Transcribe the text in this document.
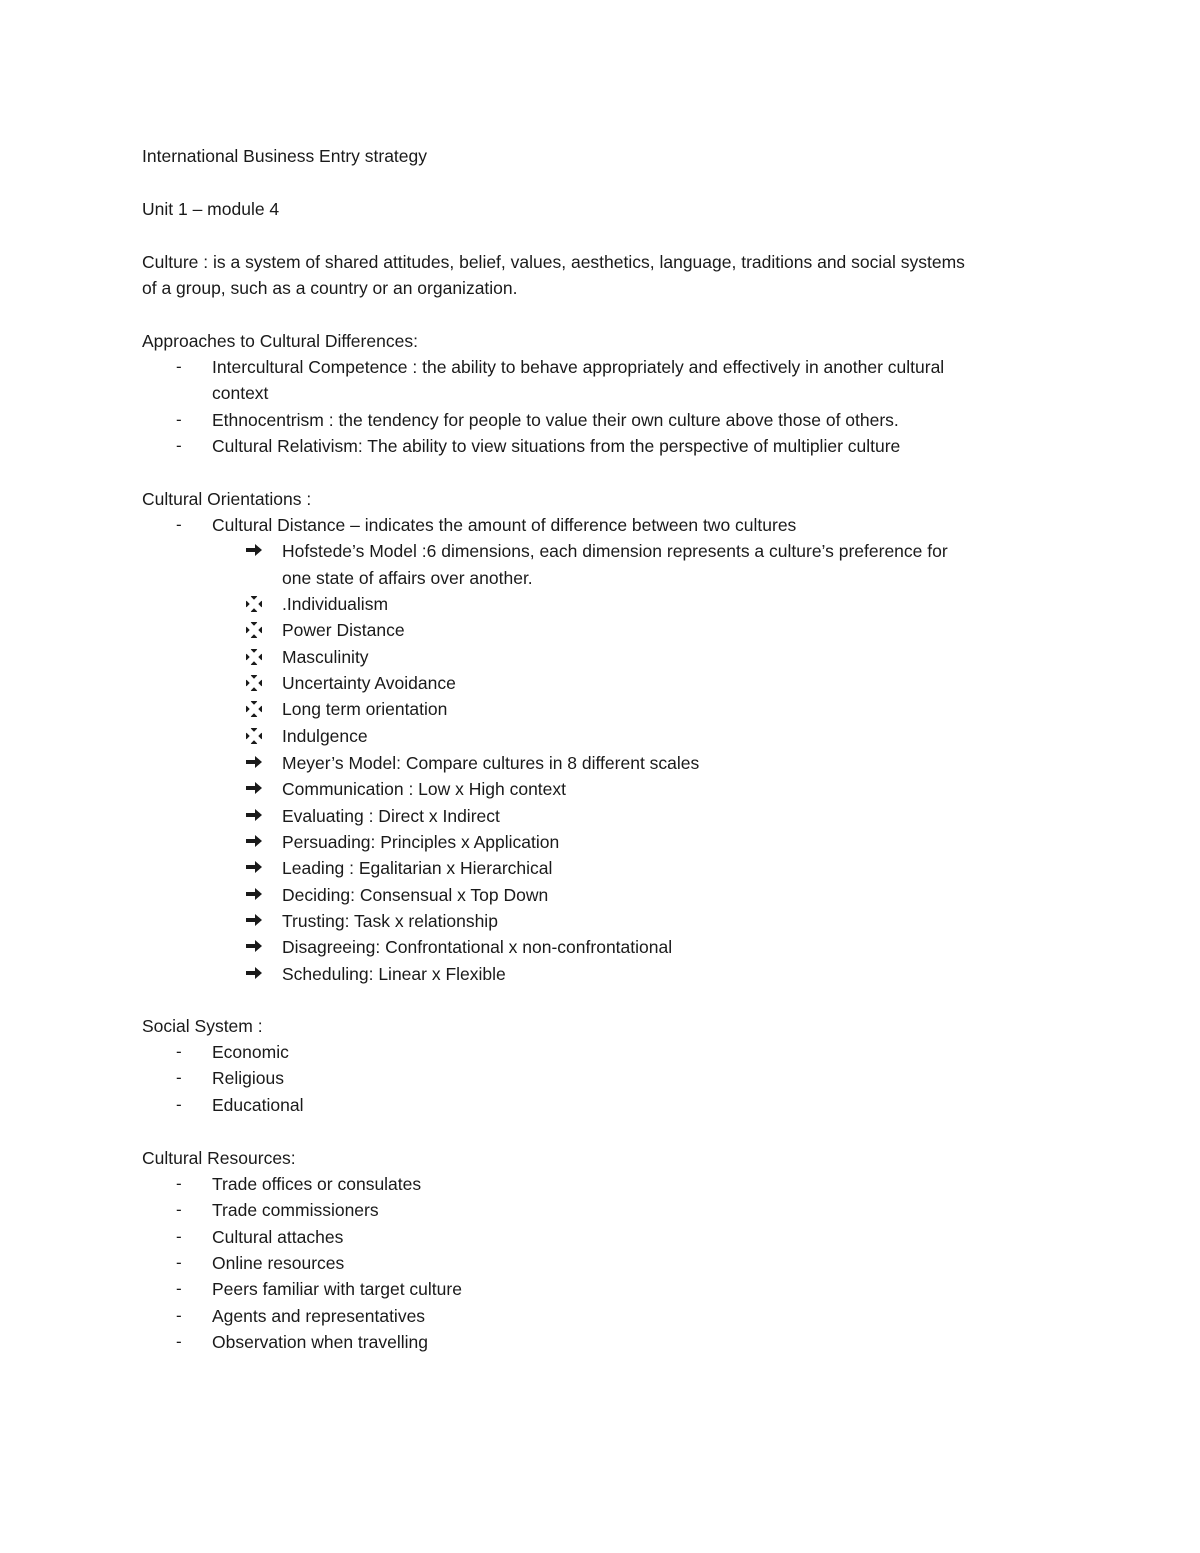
International Business Entry strategy
Unit 1 – module 4
Culture : is a system of shared attitudes, belief, values, aesthetics, language, traditions and social systems
of a group, such as a country or an organization.
Approaches to Cultural Differences:
- Intercultural Competence : the ability to behave appropriately and effectively in another cultural
context
- Ethnocentrism : the tendency for people to value their own culture above those of others.
- Cultural Relativism: The ability to view situations from the perspective of multiplier culture
Cultural Orientations :
- Cultural Distance – indicates the amount of difference between two cultures
Hofstede’s Model :6 dimensions, each dimension represents a culture’s preference for
one state of affairs over another.
.Individualism
Power Distance
Masculinity
Uncertainty Avoidance
Long term orientation
Indulgence
Meyer’s Model: Compare cultures in 8 different scales
Communication : Low x High context
Evaluating : Direct x Indirect
Persuading: Principles x Application
Leading : Egalitarian x Hierarchical
Deciding: Consensual x Top Down
Trusting: Task x relationship
Disagreeing: Confrontational x non-confrontational
Scheduling: Linear x Flexible
Social System :
- Economic
- Religious
- Educational
Cultural Resources:
- Trade offices or consulates
- Trade commissioners
- Cultural attaches
- Online resources
- Peers familiar with target culture
- Agents and representatives
- Observation when travelling
